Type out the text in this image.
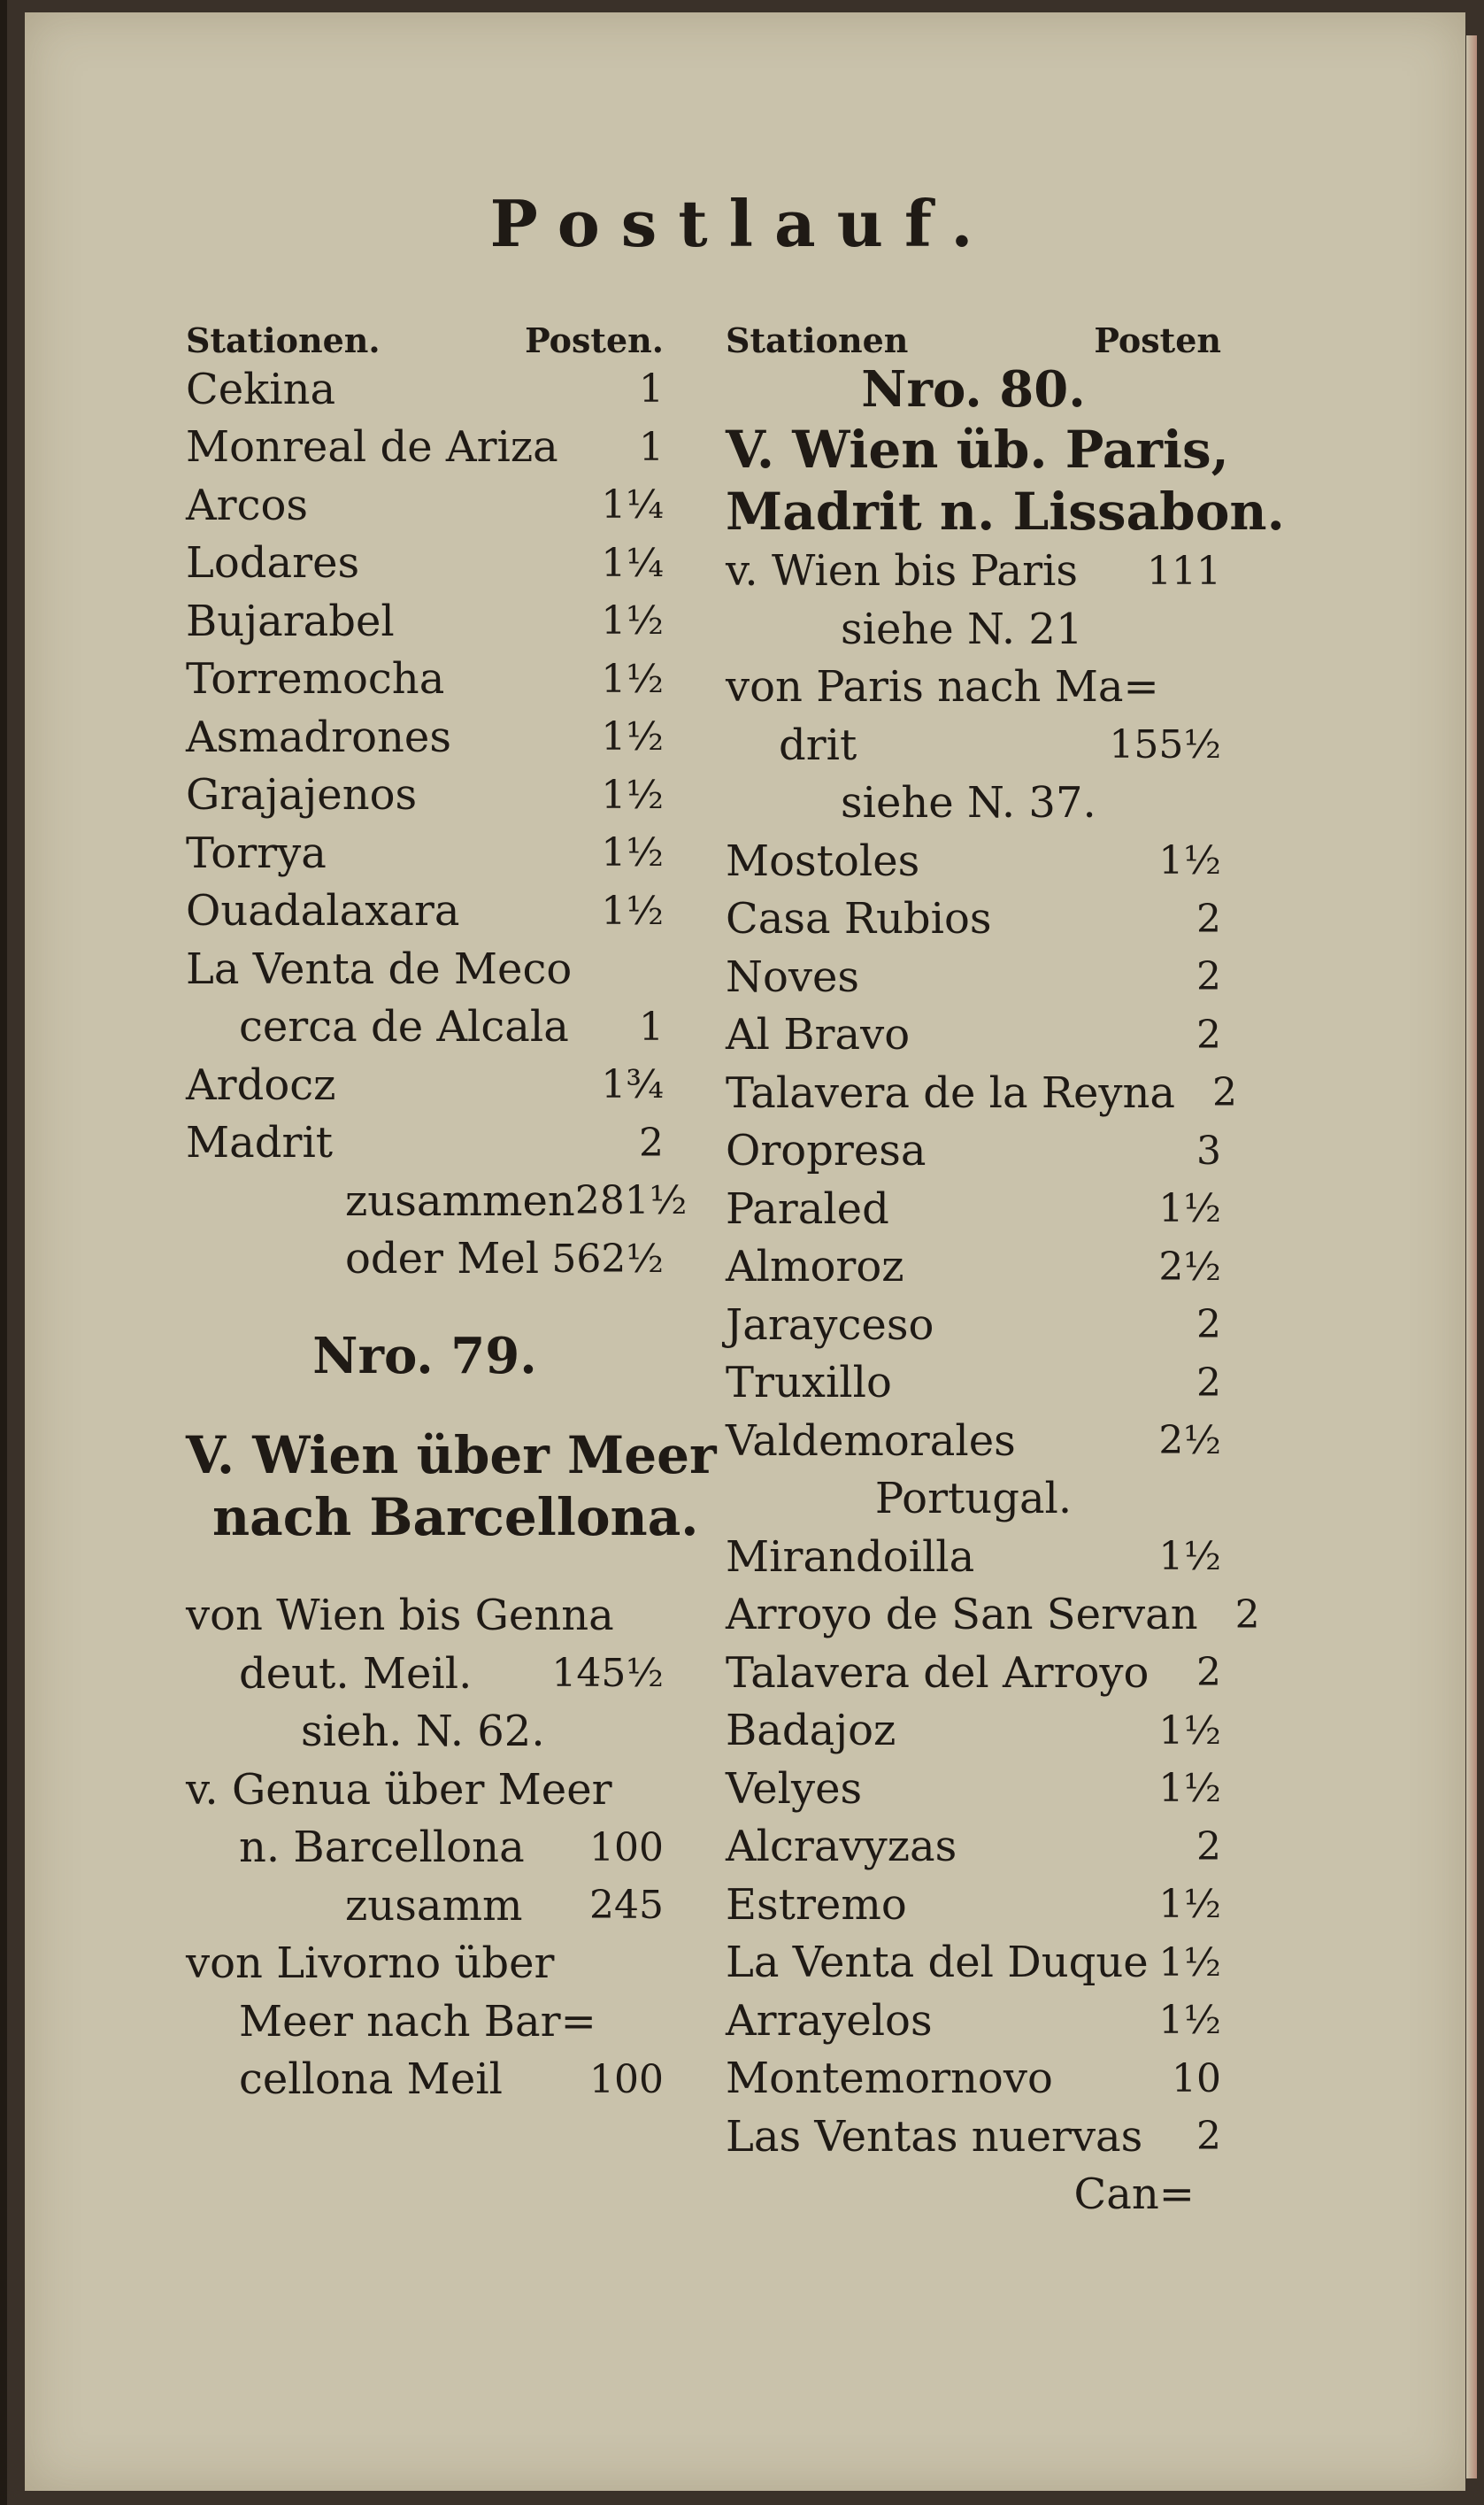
Postlauf.
Stationen.	Posten.
Cekina	1
Monreal de Ariza	1
Arcos	1¼
Lodares	1¼
Bujarabel	1½
Torremocha	1½
Asmadrones	1½
Grajajenos	1½
Torrya	1½
Ouadalaxara	1½
La Venta de Meco
cerca de Alcala	1
Ardocz	1¾
Madrit	2
zusammen 281½
oder Mel 562½
Nro. 79.
V. Wien über Meer
nach Barcellona.
von Wien bis Genna
deut. Meil. 145½
sieh. N. 62.
v. Genua über Meer
n. Barcellona 100
zusamm 245
von Livorno über
Meer nach Bar=
cellona Meil 100
Stationen	Posten
Nro. 80.
V. Wien üb. Paris,
Madrit n. Lissabon.
v. Wien bis Paris 111
siehe N. 21
von Paris nach Ma=
drit	155½
siehe N. 37.
Mostoles	1½
Casa Rubios	2
Noves	2
Al Bravo	2
Talavera de la Reyna 2
Oropresa	3
Paraled	1½
Almoroz	2½
Jarayceso	2
Truxillo	2
Valdemorales	2½
Portugal.
Mirandoilla	1½
Arroyo de San Servan 2
Talavera del Arroyo	2
Badajoz	1½
Velyes	1½
Alcravyzas	2
Estremo	1½
La Venta del Duque 1½
Arrayelos	1½
Montemornovo	10
Las Ventas nuervas	2
Can=
